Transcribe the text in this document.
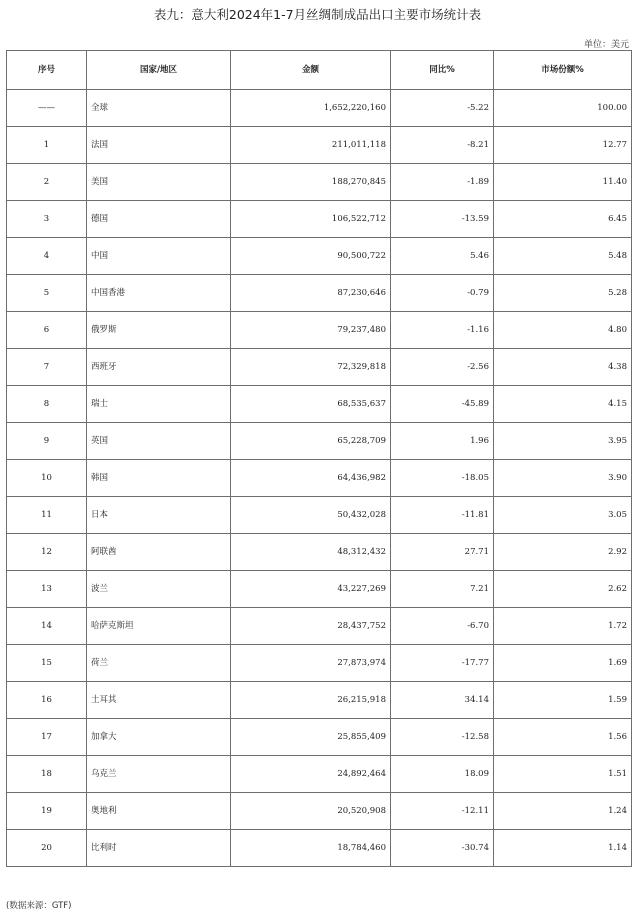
表九：意大利2024年1-7月丝绸制成品出口主要市场统计表
单位：美元
序号	国家/地区	金额	同比%	市场份额%
——	全球	1,652,220,160	-5.22	100.00
1	法国	211,011,118	-8.21	12.77
2	美国	188,270,845	-1.89	11.40
3	德国	106,522,712	-13.59	6.45
4	中国	90,500,722	5.46	5.48
5	中国香港	87,230,646	-0.79	5.28
6	俄罗斯	79,237,480	-1.16	4.80
7	西班牙	72,329,818	-2.56	4.38
8	瑞士	68,535,637	-45.89	4.15
9	英国	65,228,709	1.96	3.95
10	韩国	64,436,982	-18.05	3.90
11	日本	50,432,028	-11.81	3.05
12	阿联酋	48,312,432	27.71	2.92
13	波兰	43,227,269	7.21	2.62
14	哈萨克斯坦	28,437,752	-6.70	1.72
15	荷兰	27,873,974	-17.77	1.69
16	土耳其	26,215,918	34.14	1.59
17	加拿大	25,855,409	-12.58	1.56
18	乌克兰	24,892,464	18.09	1.51
19	奥地利	20,520,908	-12.11	1.24
20	比利时	18,784,460	-30.74	1.14
(数据来源：GTF)
